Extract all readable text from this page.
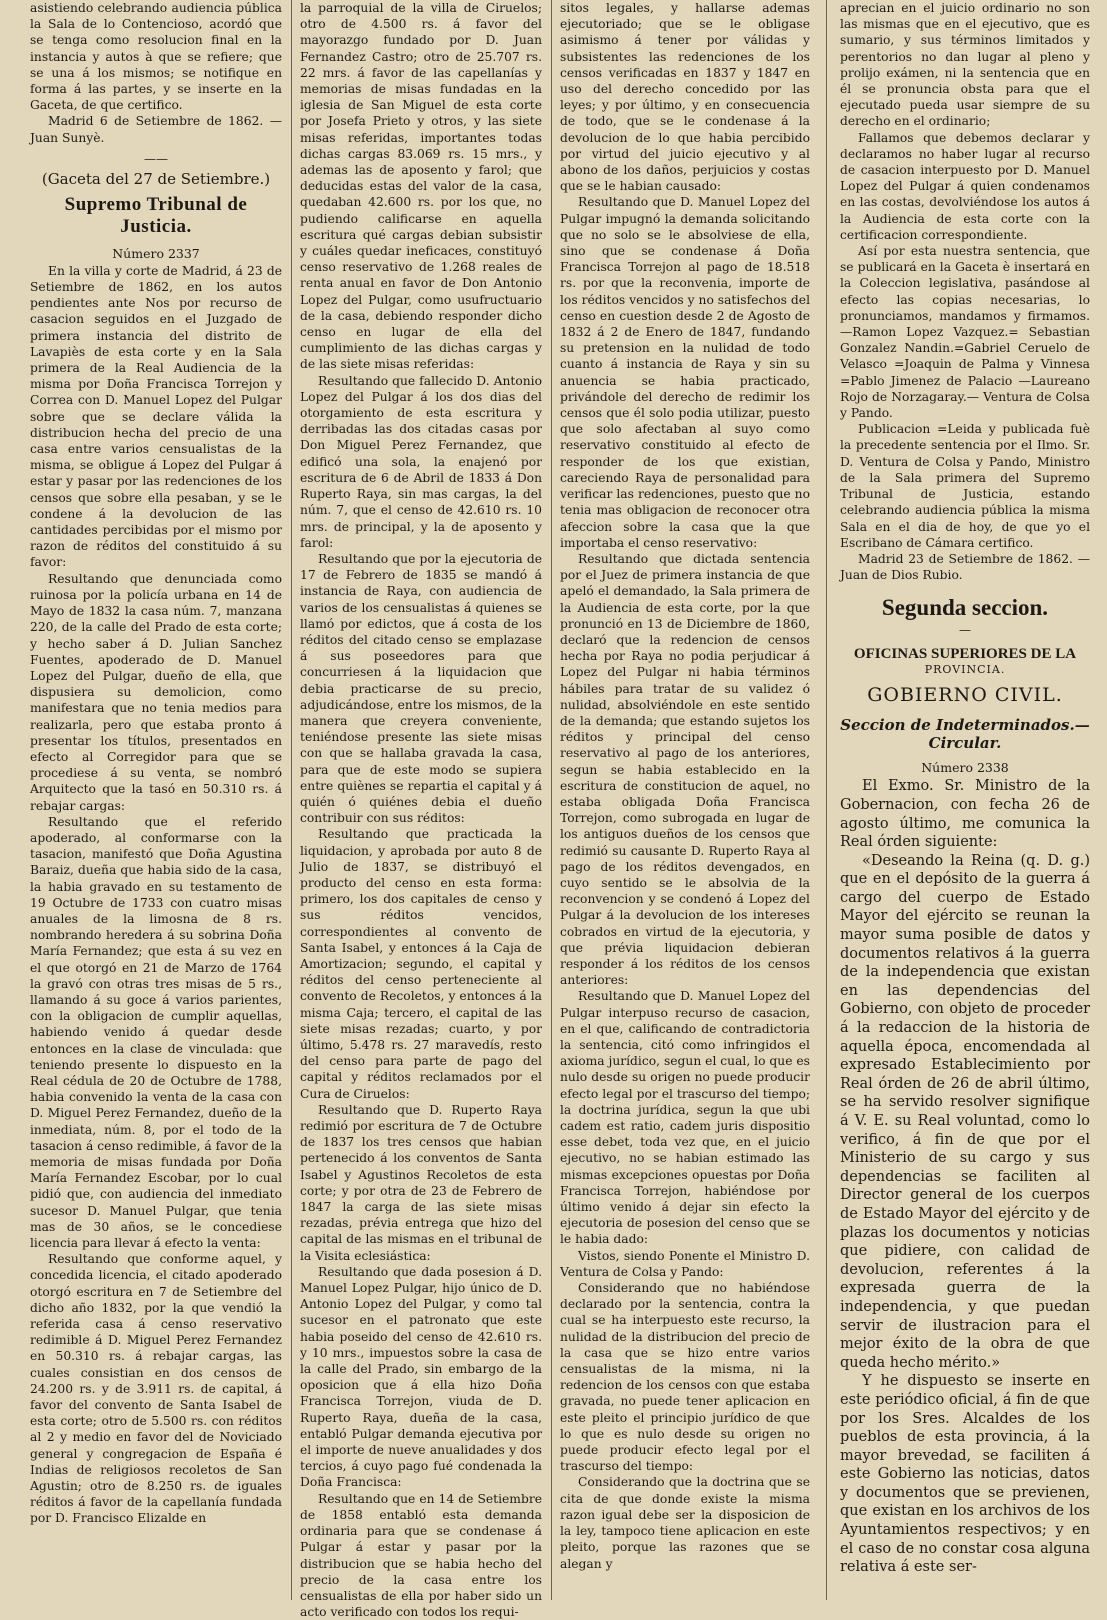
asistiendo celebrando audiencia pública la Sala de lo Contencioso, acordó que se tenga como resolucion final en la instancia y autos à que se refiere; que se una á los mismos; se notifique en forma á las partes, y se inserte en la Gaceta, de que certifico.

Madrid 6 de Setiembre de 1862. —Juan Sunyè.

——
(Gaceta del 27 de Setiembre.)
Supremo Tribunal de Justicia.
Número 2337

En la villa y corte de Madrid, á 23 de Setiembre de 1862, en los autos pendientes ante Nos por recurso de casacion seguidos en el Juzgado de primera instancia del distrito de Lavapiès de esta corte y en la Sala primera de la Real Audiencia de la misma por Doña Francisca Torrejon y Correa con D. Manuel Lopez del Pulgar sobre que se declare válida la distribucion hecha del precio de una casa entre varios censualistas de la misma, se obligue á Lopez del Pulgar á estar y pasar por las redenciones de los censos que sobre ella pesaban, y se le condene á la devolucion de las cantidades percibidas por el mismo por razon de réditos del constituido á su favor:

Resultando que denunciada como ruinosa por la policía urbana en 14 de Mayo de 1832 la casa núm. 7, manzana 220, de la calle del Prado de esta corte; y hecho saber á D. Julian Sanchez Fuentes, apoderado de D. Manuel Lopez del Pulgar, dueño de ella, que dispusiera su demolicion, como manifestara que no tenia medios para realizarla, pero que estaba pronto á presentar los títulos, presentados en efecto al Corregidor para que se procediese á su venta, se nombró Arquitecto que la tasó en 50.310 rs. á rebajar cargas:

Resultando que el referido apoderado, al conformarse con la tasacion, manifestó que Doña Agustina Baraiz, dueña que habia sido de la casa, la habia gravado en su testamento de 19 Octubre de 1733 con cuatro misas anuales de la limosna de 8 rs. nombrando heredera á su sobrina Doña María Fernandez; que esta á su vez en el que otorgó en 21 de Marzo de 1764 la gravó con otras tres misas de 5 rs., llamando á su goce á varios parientes, con la obligacion de cumplir aquellas, habiendo venido á quedar desde entonces en la clase de vinculada: que teniendo presente lo dispuesto en la Real cédula de 20 de Octubre de 1788, habia convenido la venta de la casa con D. Miguel Perez Fernandez, dueño de la inmediata, núm. 8, por el todo de la tasacion á censo redimible, á favor de la memoria de misas fundada por Doña María Fernandez Escobar, por lo cual pidió que, con audiencia del inmediato sucesor D. Manuel Pulgar, que tenia mas de 30 años, se le concediese licencia para llevar á efecto la venta:

Resultando que conforme aquel, y concedida licencia, el citado apoderado otorgó escritura en 7 de Setiembre del dicho año 1832, por la que vendió la referida casa á censo reservativo redimible á D. Miguel Perez Fernandez en 50.310 rs. á rebajar cargas, las cuales consistian en dos censos de 24.200 rs. y de 3.911 rs. de capital, á favor del convento de Santa Isabel de esta corte; otro de 5.500 rs. con réditos al 2 y medio en favor del de Noviciado general y congregacion de España é Indias de religiosos recoletos de San Agustin; otro de 8.250 rs. de iguales réditos á favor de la capellanía fundada por D. Francisco Elizalde en

la parroquial de la villa de Ciruelos; otro de 4.500 rs. á favor del mayorazgo fundado por D. Juan Fernandez Castro; otro de 25.707 rs. 22 mrs. á favor de las capellanías y memorias de misas fundadas en la iglesia de San Miguel de esta corte por Josefa Prieto y otros, y las siete misas referidas, importantes todas dichas cargas 83.069 rs. 15 mrs., y ademas las de aposento y farol; que deducidas estas del valor de la casa, quedaban 42.600 rs. por los que, no pudiendo calificarse en aquella escritura qué cargas debian subsistir y cuáles quedar ineficaces, constituyó censo reservativo de 1.268 reales de renta anual en favor de Don Antonio Lopez del Pulgar, como usufructuario de la casa, debiendo responder dicho censo en lugar de ella del cumplimiento de las dichas cargas y de las siete misas referidas:

Resultando que fallecido D. Antonio Lopez del Pulgar á los dos dias del otorgamiento de esta escritura y derribadas las dos citadas casas por Don Miguel Perez Fernandez, que edificó una sola, la enajenó por escritura de 6 de Abril de 1833 á Don Ruperto Raya, sin mas cargas, la del núm. 7, que el censo de 42.610 rs. 10 mrs. de principal, y la de aposento y farol:

Resultando que por la ejecutoria de 17 de Febrero de 1835 se mandó á instancia de Raya, con audiencia de varios de los censualistas á quienes se llamó por edictos, que á costa de los réditos del citado censo se emplazase á sus poseedores para que concurriesen á la liquidacion que debia practicarse de su precio, adjudicándose, entre los mismos, de la manera que creyera conveniente, teniéndose presente las siete misas con que se hallaba gravada la casa, para que de este modo se supiera entre quiènes se repartia el capital y á quién ó quiénes debia el dueño contribuir con sus réditos:

Resultando que practicada la liquidacion, y aprobada por auto 8 de Julio de 1837, se distribuyó el producto del censo en esta forma: primero, los dos capitales de censo y sus réditos vencidos, correspondientes al convento de Santa Isabel, y entonces á la Caja de Amortizacion; segundo, el capital y réditos del censo perteneciente al convento de Recoletos, y entonces á la misma Caja; tercero, el capital de las siete misas rezadas; cuarto, y por último, 5.478 rs. 27 maravedís, resto del censo para parte de pago del capital y réditos reclamados por el Cura de Ciruelos:

Resultando que D. Ruperto Raya redimió por escritura de 7 de Octubre de 1837 los tres censos que habian pertenecido á los conventos de Santa Isabel y Agustinos Recoletos de esta corte; y por otra de 23 de Febrero de 1847 la carga de las siete misas rezadas, prévia entrega que hizo del capital de las mismas en el tribunal de la Visita eclesiástica:

Resultando que dada posesion á D. Manuel Lopez Pulgar, hijo único de D. Antonio Lopez del Pulgar, y como tal sucesor en el patronato que este habia poseido del censo de 42.610 rs. y 10 mrs., impuestos sobre la casa de la calle del Prado, sin embargo de la oposicion que á ella hizo Doña Francisca Torrejon, viuda de D. Ruperto Raya, dueña de la casa, entabló Pulgar demanda ejecutiva por el importe de nueve anualidades y dos tercios, á cuyo pago fué condenada la Doña Francisca:

Resultando que en 14 de Setiembre de 1858 entabló esta demanda ordinaria para que se condenase á Pulgar á estar y pasar por la distribucion que se habia hecho del precio de la casa entre los censualistas de ella por haber sido un acto verificado con todos los requi-

sitos legales, y hallarse ademas ejecutoriado; que se le obligase asimismo á tener por válidas y subsistentes las redenciones de los censos verificadas en 1837 y 1847 en uso del derecho concedido por las leyes; y por último, y en consecuencia de todo, que se le condenase á la devolucion de lo que habia percibido por virtud del juicio ejecutivo y al abono de los daños, perjuicios y costas que se le habian causado:

Resultando que D. Manuel Lopez del Pulgar impugnó la demanda solicitando que no solo se le absolviese de ella, sino que se condenase á Doña Francisca Torrejon al pago de 18.518 rs. por que la reconvenia, importe de los réditos vencidos y no satisfechos del censo en cuestion desde 2 de Agosto de 1832 á 2 de Enero de 1847, fundando su pretension en la nulidad de todo cuanto á instancia de Raya y sin su anuencia se habia practicado, privándole del derecho de redimir los censos que él solo podia utilizar, puesto que solo afectaban al suyo como reservativo constituido al efecto de responder de los que existian, careciendo Raya de personalidad para verificar las redenciones, puesto que no tenia mas obligacion de reconocer otra afeccion sobre la casa que la que importaba el censo reservativo:

Resultando que dictada sentencia por el Juez de primera instancia de que apeló el demandado, la Sala primera de la Audiencia de esta corte, por la que pronunció en 13 de Diciembre de 1860, declaró que la redencion de censos hecha por Raya no podia perjudicar á Lopez del Pulgar ni habia términos hábiles para tratar de su validez ó nulidad, absolviéndole en este sentido de la demanda; que estando sujetos los réditos y principal del censo reservativo al pago de los anteriores, segun se habia establecido en la escritura de constitucion de aquel, no estaba obligada Doña Francisca Torrejon, como subrogada en lugar de los antiguos dueños de los censos que redimió su causante D. Ruperto Raya al pago de los réditos devengados, en cuyo sentido se le absolvia de la reconvencion y se condenó á Lopez del Pulgar á la devolucion de los intereses cobrados en virtud de la ejecutoria, y que prévia liquidacion debieran responder á los réditos de los censos anteriores:

Resultando que D. Manuel Lopez del Pulgar interpuso recurso de casacion, en el que, calificando de contradictoria la sentencia, citó como infringidos el axioma jurídico, segun el cual, lo que es nulo desde su origen no puede producir efecto legal por el trascurso del tiempo; la doctrina jurídica, segun la que ubi cadem est ratio, cadem juris dispositio esse debet, toda vez que, en el juicio ejecutivo, no se habian estimado las mismas excepciones opuestas por Doña Francisca Torrejon, habiéndose por último venido á dejar sin efecto la ejecutoria de posesion del censo que se le habia dado:

Vistos, siendo Ponente el Ministro D. Ventura de Colsa y Pando:

Considerando que no habiéndose declarado por la sentencia, contra la cual se ha interpuesto este recurso, la nulidad de la distribucion del precio de la casa que se hizo entre varios censualistas de la misma, ni la redencion de los censos con que estaba gravada, no puede tener aplicacion en este pleito el principio jurídico de que lo que es nulo desde su origen no puede producir efecto legal por el trascurso del tiempo:

Considerando que la doctrina que se cita de que donde existe la misma razon igual debe ser la disposicion de la ley, tampoco tiene aplicacion en este pleito, porque las razones que se alegan y

aprecian en el juicio ordinario no son las mismas que en el ejecutivo, que es sumario, y sus términos limitados y perentorios no dan lugar al pleno y prolijo exámen, ni la sentencia que en él se pronuncia obsta para que el ejecutado pueda usar siempre de su derecho en el ordinario;

Fallamos que debemos declarar y declaramos no haber lugar al recurso de casacion interpuesto por D. Manuel Lopez del Pulgar á quien condenamos en las costas, devolviéndose los autos á la Audiencia de esta corte con la certificacion correspondiente.

Así por esta nuestra sentencia, que se publicará en la Gaceta è insertará en la Coleccion legislativa, pasándose al efecto las copias necesarias, lo pronunciamos, mandamos y firmamos.—Ramon Lopez Vazquez.= Sebastian Gonzalez Nandin.=Gabriel Ceruelo de Velasco =Joaquin de Palma y Vinnesa =Pablo Jimenez de Palacio —Laureano Rojo de Norzagaray.— Ventura de Colsa y Pando.

Publicacion =Leida y publicada fuè la precedente sentencia por el Ilmo. Sr. D. Ventura de Colsa y Pando, Ministro de la Sala primera del Supremo Tribunal de Justicia, estando celebrando audiencia pública la misma Sala en el dia de hoy, de que yo el Escribano de Cámara certifico.

Madrid 23 de Setiembre de 1862. —Juan de Dios Rubio.

Segunda seccion.
—
OFICINAS SUPERIORES DE LA
PROVINCIA.
GOBIERNO CIVIL.
Seccion de Indeterminados.—Circular.
Número 2338

El Exmo. Sr. Ministro de la Gobernacion, con fecha 26 de agosto último, me comunica la Real órden siguiente:

«Deseando la Reina (q. D. g.) que en el depósito de la guerra á cargo del cuerpo de Estado Mayor del ejército se reunan la mayor suma posible de datos y documentos relativos á la guerra de la independencia que existan en las dependencias del Gobierno, con objeto de proceder á la redaccion de la historia de aquella época, encomendada al expresado Establecimiento por Real órden de 26 de abril último, se ha servido resolver signifique á V. E. su Real voluntad, como lo verifico, á fin de que por el Ministerio de su cargo y sus dependencias se faciliten al Director general de los cuerpos de Estado Mayor del ejército y de plazas los documentos y noticias que pidiere, con calidad de devolucion, referentes á la expresada guerra de la independencia, y que puedan servir de ilustracion para el mejor éxito de la obra de que queda hecho mérito.»

Y he dispuesto se inserte en este periódico oficial, á fin de que por los Sres. Alcaldes de los pueblos de esta provincia, á la mayor brevedad, se faciliten á este Gobierno las noticias, datos y documentos que se previenen, que existan en los archivos de los Ayuntamientos respectivos; y en el caso de no constar cosa alguna relativa á este ser-
